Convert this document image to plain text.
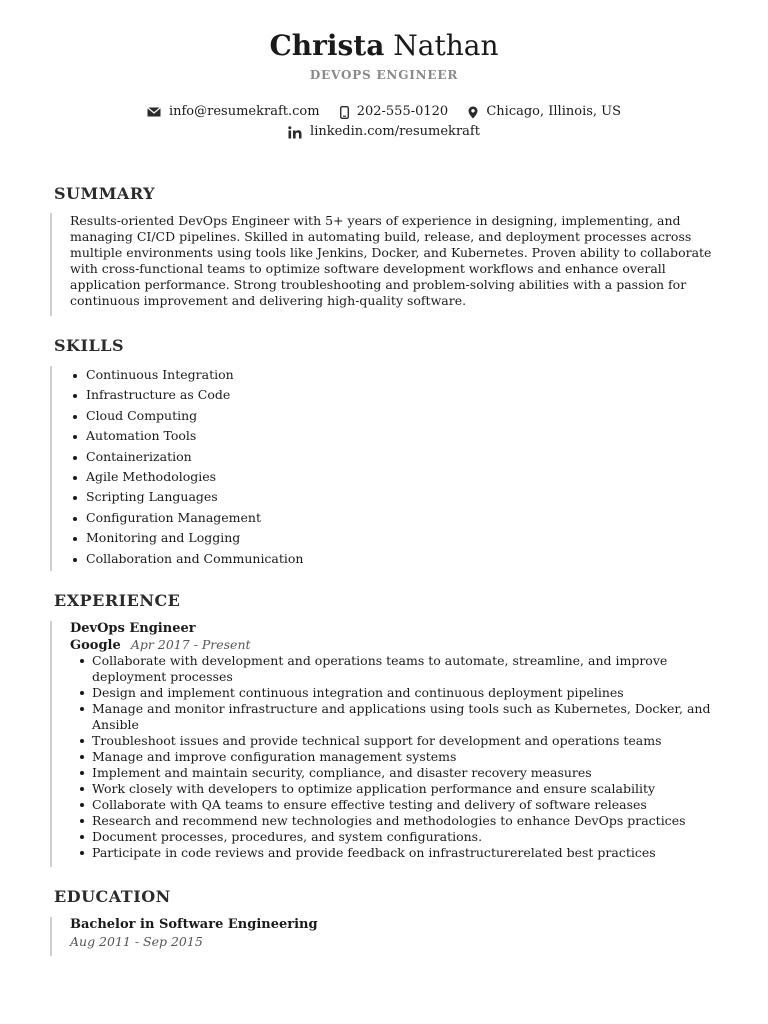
Christa Nathan
DEVOPS ENGINEER
info@resumekraft.com
	202-555-0120
	Chicago, Illinois, US
linkedin.com/resumekraft
SUMMARY
Results-oriented DevOps Engineer with 5+ years of experience in designing, implementing, and managing CI/CD pipelines. Skilled in automating build, release, and deployment processes across multiple environments using tools like Jenkins, Docker, and Kubernetes. Proven ability to collaborate with cross-functional teams to optimize software development workflows and enhance overall application performance. Strong troubleshooting and problem-solving abilities with a passion for continuous improvement and delivering high-quality software.
SKILLS
Continuous Integration
Infrastructure as Code
Cloud Computing
Automation Tools
Containerization
Agile Methodologies
Scripting Languages
Configuration Management
Monitoring and Logging
Collaboration and Communication
EXPERIENCE
DevOps Engineer
Google Apr 2017 - Present
Collaborate with development and operations teams to automate, streamline, and improve deployment processes
Design and implement continuous integration and continuous deployment pipelines
Manage and monitor infrastructure and applications using tools such as Kubernetes, Docker, and Ansible
Troubleshoot issues and provide technical support for development and operations teams
Manage and improve configuration management systems
Implement and maintain security, compliance, and disaster recovery measures
Work closely with developers to optimize application performance and ensure scalability
Collaborate with QA teams to ensure effective testing and delivery of software releases
Research and recommend new technologies and methodologies to enhance DevOps practices
Document processes, procedures, and system configurations.
Participate in code reviews and provide feedback on infrastructurerelated best practices
EDUCATION
Bachelor in Software Engineering
Aug 2011 - Sep 2015
